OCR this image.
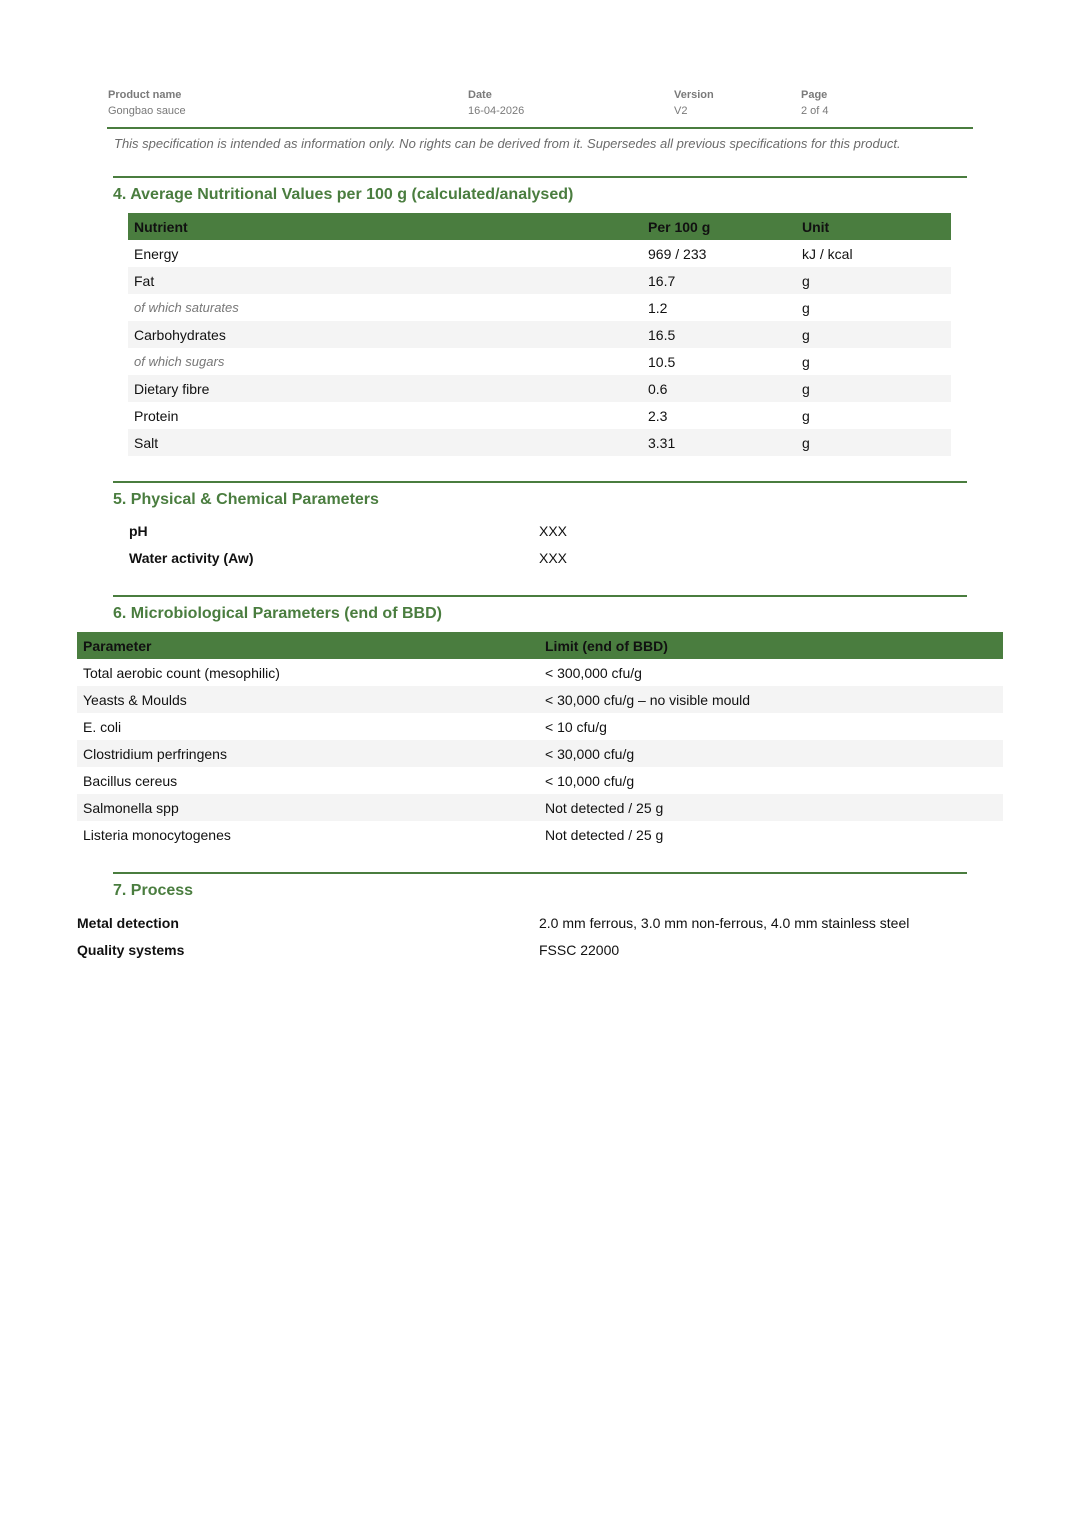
Product name
Gongbao sauce
Date
16-04-2026
Version
V2
Page
2 of 4
This specification is intended as information only. No rights can be derived from it. Supersedes all previous specifications for this product.
4. Average Nutritional Values per 100 g (calculated/analysed)
Nutrient	Per 100 g	Unit
Energy	969 / 233	kJ / kcal
Fat	16.7	g
of which saturates	1.2	g
Carbohydrates	16.5	g
of which sugars	10.5	g
Dietary fibre	0.6	g
Protein	2.3	g
Salt	3.31	g
5. Physical & Chemical Parameters
pH	XXX
Water activity (Aw)	XXX
6. Microbiological Parameters (end of BBD)
Parameter	Limit (end of BBD)
Total aerobic count (mesophilic)	< 300,000 cfu/g
Yeasts & Moulds	< 30,000 cfu/g – no visible mould
E. coli	< 10 cfu/g
Clostridium perfringens	< 30,000 cfu/g
Bacillus cereus	< 10,000 cfu/g
Salmonella spp	Not detected / 25 g
Listeria monocytogenes	Not detected / 25 g
7. Process
Metal detection	2.0 mm ferrous, 3.0 mm non-ferrous, 4.0 mm stainless steel
Quality systems	FSSC 22000
